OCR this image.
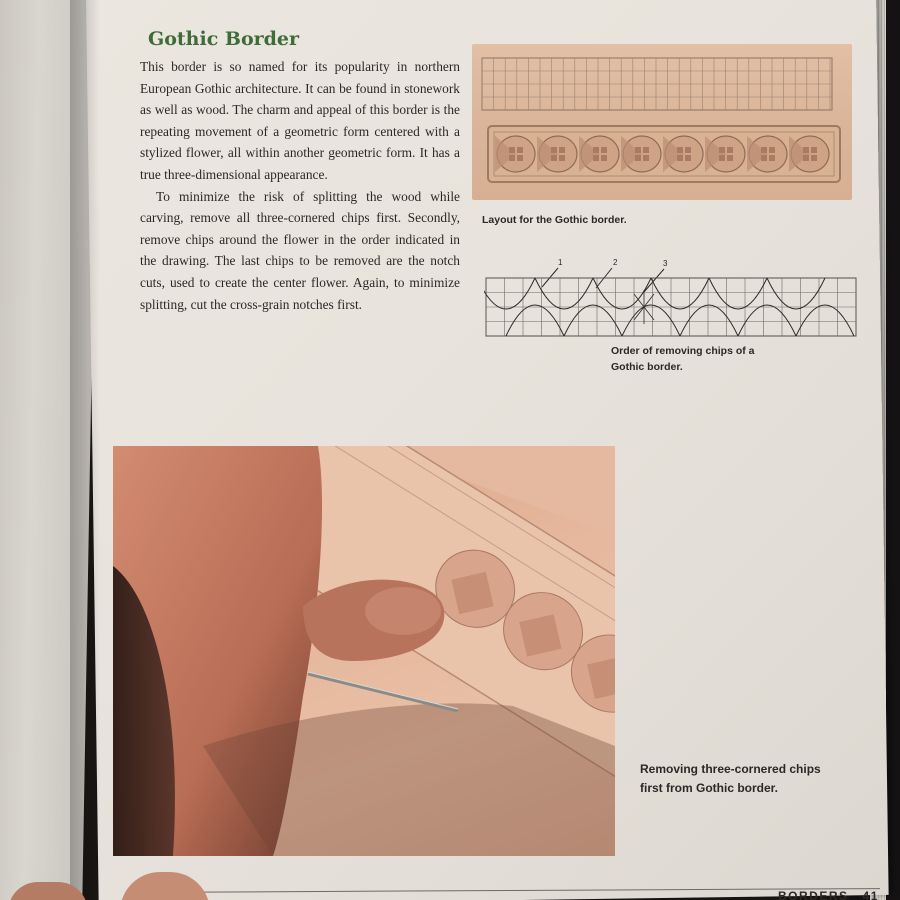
Gothic Border

This border is so named for its popularity in northern European Gothic architecture. It can be found in stonework as well as wood. The charm and appeal of this border is the repeating movement of a geometric form centered with a stylized flower, all within another geometric form. It has a true three-dimensional appearance.

To minimize the risk of splitting the wood while carving, remove all three-cornered chips first. Secondly, remove chips around the flower in the order indicated in the drawing. The last chips to be removed are the notch cuts, used to create the center flower. Again, to minimize splitting, cut the cross-grain notches first.

Layout for the Gothic border.
1	2	3
Order of removing chips of a Gothic border.
Removing three-cornered chips first from Gothic border.
BORDERS 41
